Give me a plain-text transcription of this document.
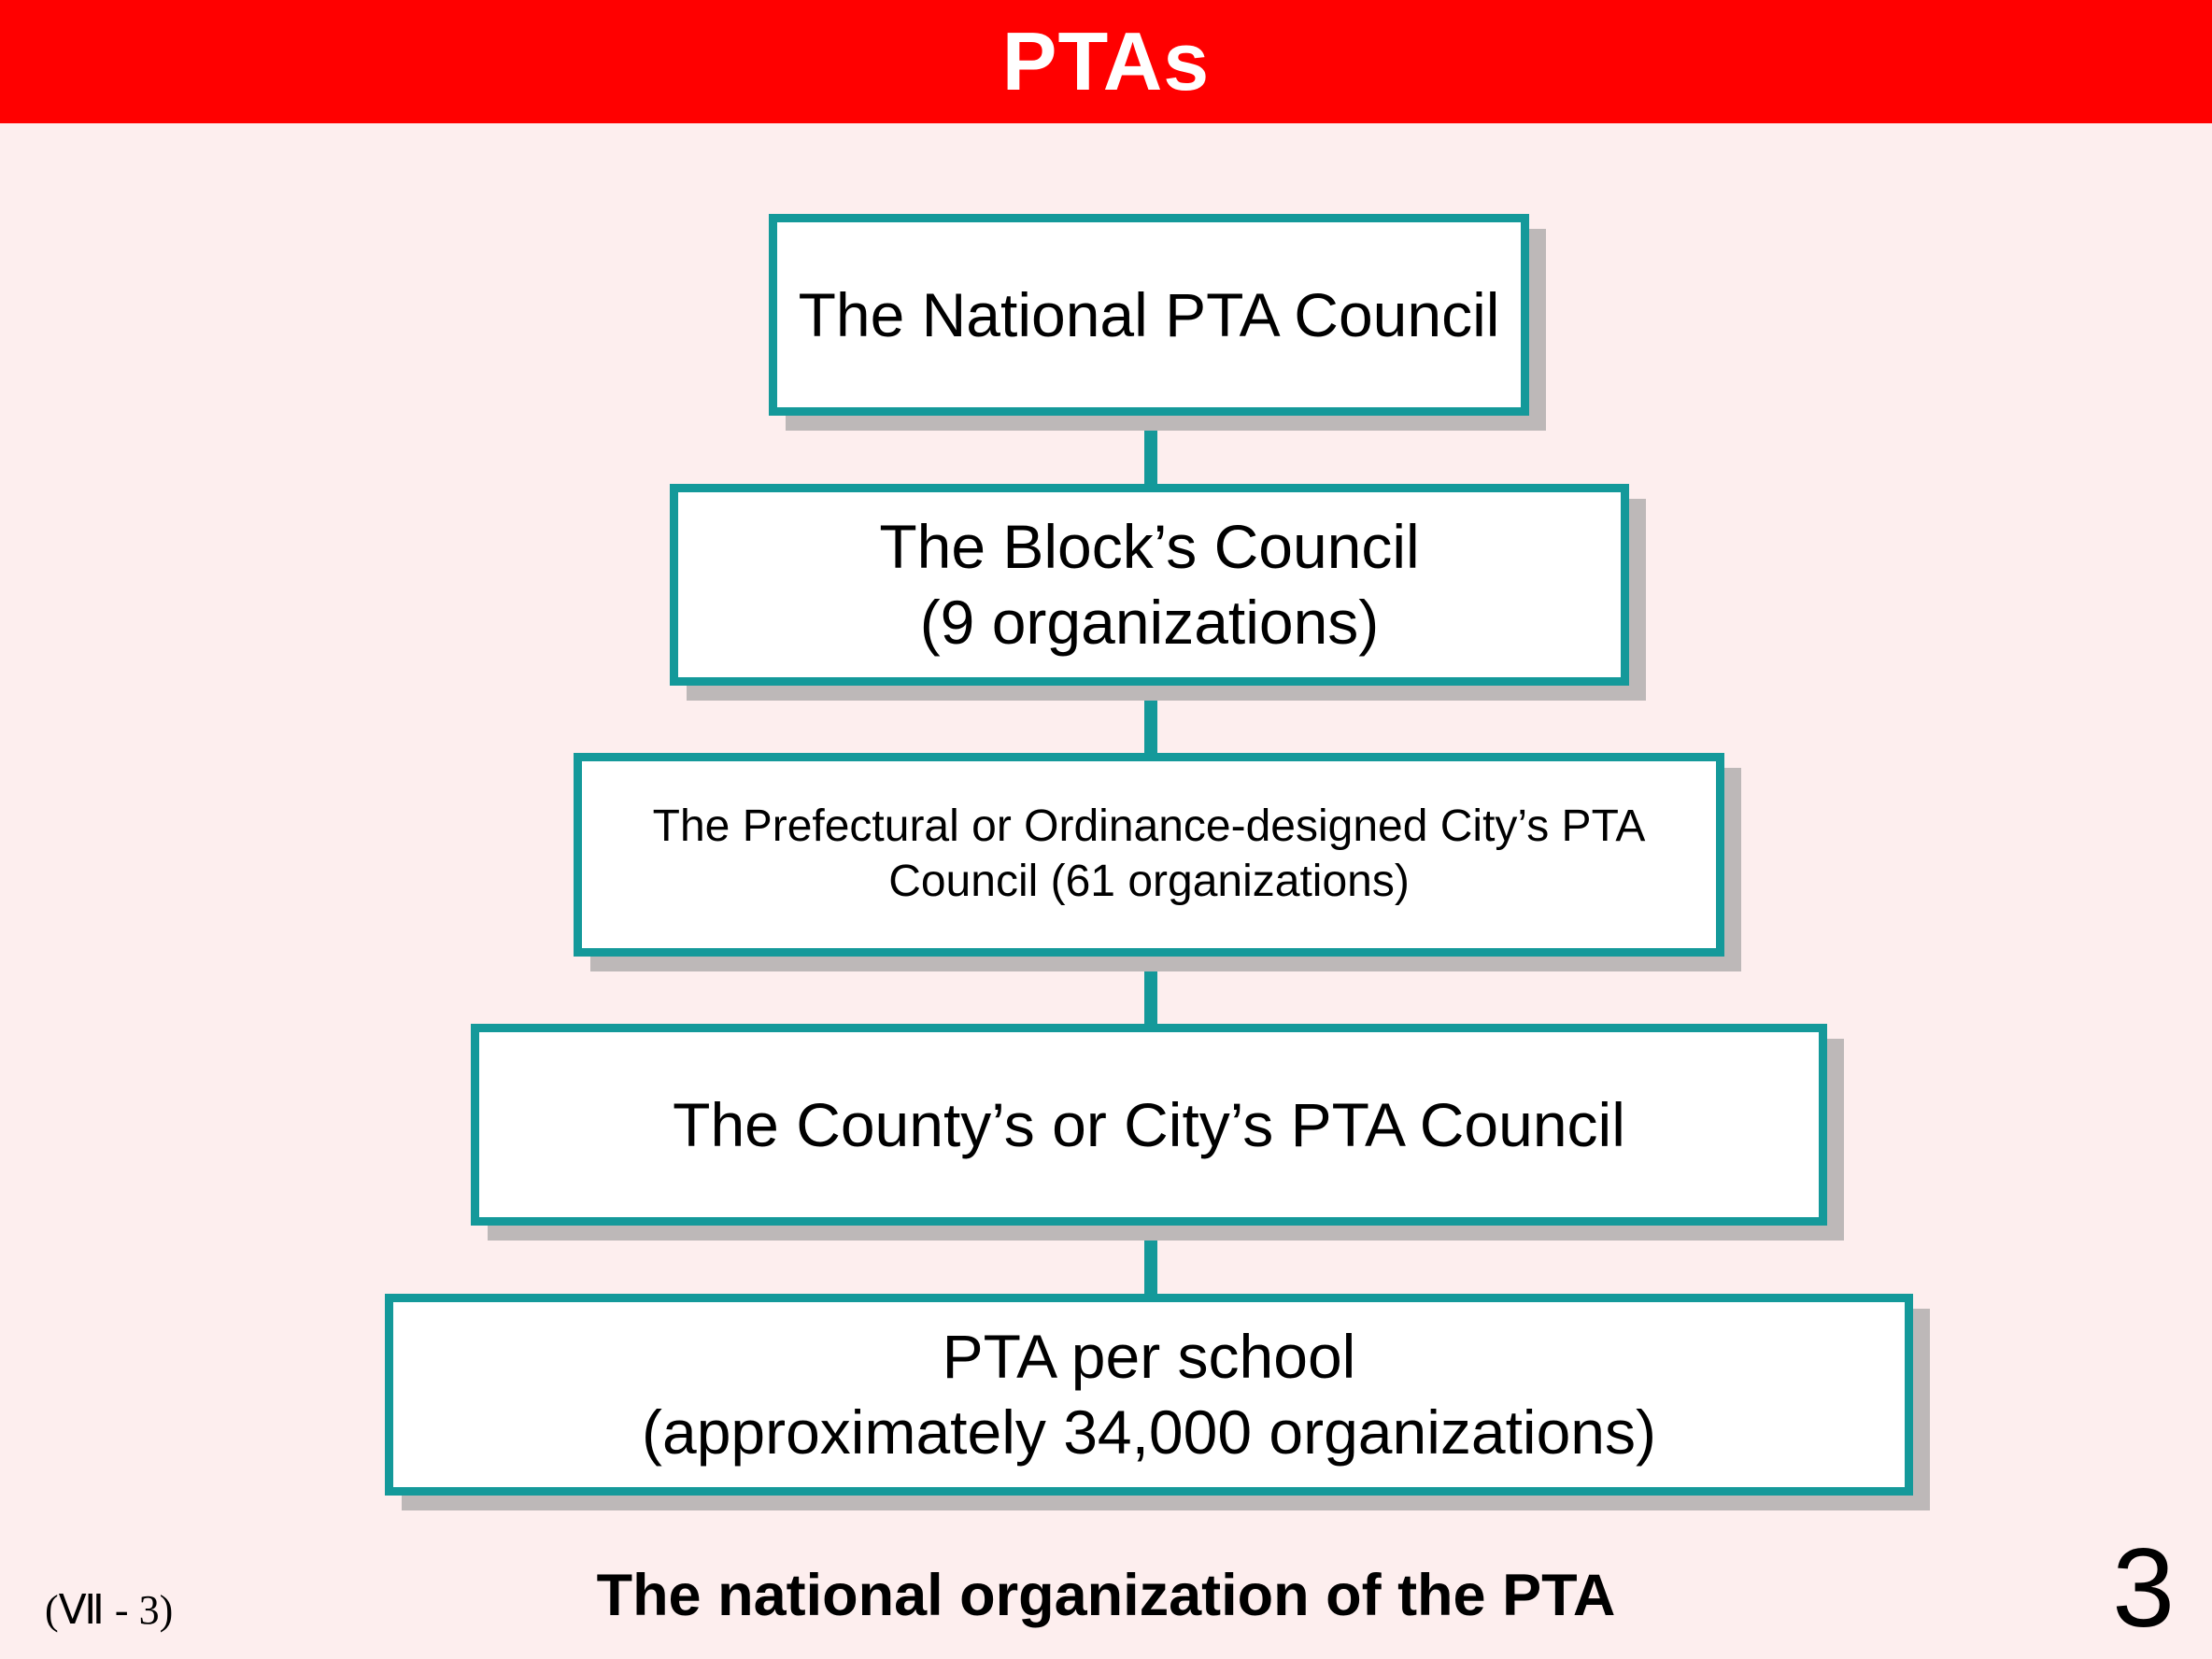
PTAs
The National PTA Council
The Block’s Council
(9 organizations)
The Prefectural or Ordinance-designed City’s PTA
Council (61 organizations)
The County’s or City’s PTA Council
PTA per school
(approximately 34,000 organizations)
The national organization of the PTA
(Ⅶ - 3)	3
